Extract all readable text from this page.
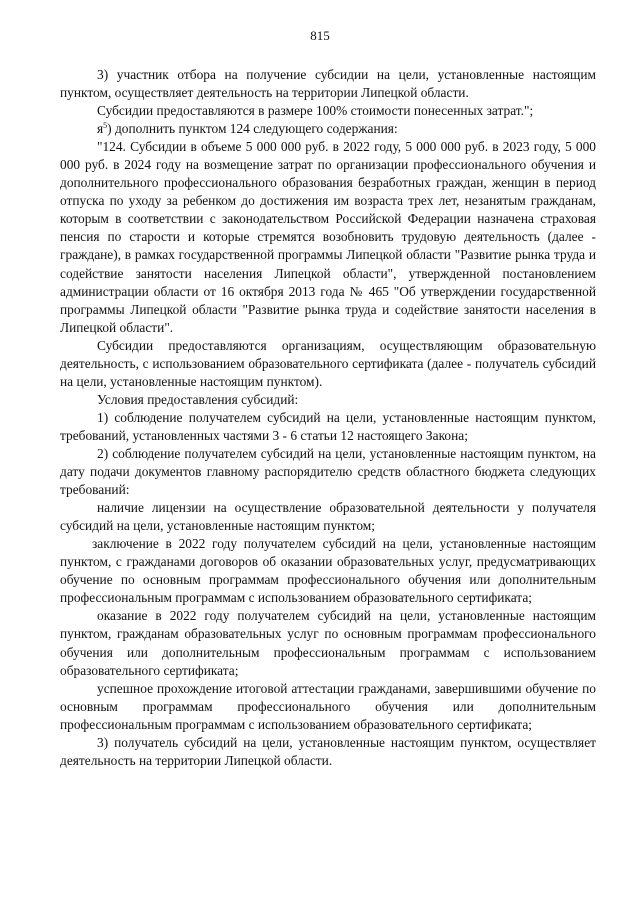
815

3) участник отбора на получение субсидии на цели, установленные настоящим пунктом, осуществляет деятельность на территории Липецкой области.

Субсидии предоставляются в размере 100% стоимости понесенных затрат.";

$я^5$) дополнить пунктом 124 следующего содержания:

"124. Субсидии в объеме 5 000 000 руб. в 2022 году, 5 000 000 руб. в 2023 году, 5 000 000 руб. в 2024 году на возмещение затрат по организации профессионального обучения и дополнительного профессионального образования безработных граждан, женщин в период отпуска по уходу за ребенком до достижения им возраста трех лет, незанятым гражданам, которым в соответствии с законодательством Российской Федерации назначена страховая пенсия по старости и которые стремятся возобновить трудовую деятельность (далее - граждане), в рамках государственной программы Липецкой области "Развитие рынка труда и содействие занятости населения Липецкой области", утвержденной постановлением администрации области от 16 октября 2013 года № 465 "Об утверждении государственной программы Липецкой области "Развитие рынка труда и содействие занятости населения в Липецкой области".

Субсидии предоставляются организациям, осуществляющим образовательную деятельность, с использованием образовательного сертификата (далее - получатель субсидий на цели, установленные настоящим пунктом).

Условия предоставления субсидий:

1) соблюдение получателем субсидий на цели, установленные настоящим пунктом, требований, установленных частями 3 - 6 статьи 12 настоящего Закона;

2) соблюдение получателем субсидий на цели, установленные настоящим пунктом, на дату подачи документов главному распорядителю средств областного бюджета следующих требований:

наличие лицензии на осуществление образовательной деятельности у получателя субсидий на цели, установленные настоящим пунктом;

заключение в 2022 году получателем субсидий на цели, установленные настоящим пунктом, с гражданами договоров об оказании образовательных услуг, предусматривающих обучение по основным программам профессионального обучения или дополнительным профессиональным программам с использованием образовательного сертификата;

оказание в 2022 году получателем субсидий на цели, установленные настоящим пунктом, гражданам образовательных услуг по основным программам профессионального обучения или дополнительным профессиональным программам с использованием образовательного сертификата;

успешное прохождение итоговой аттестации гражданами, завершившими обучение по основным программам профессионального обучения или дополнительным профессиональным программам с использованием образовательного сертификата;

3) получатель субсидий на цели, установленные настоящим пунктом, осуществляет деятельность на территории Липецкой области.
